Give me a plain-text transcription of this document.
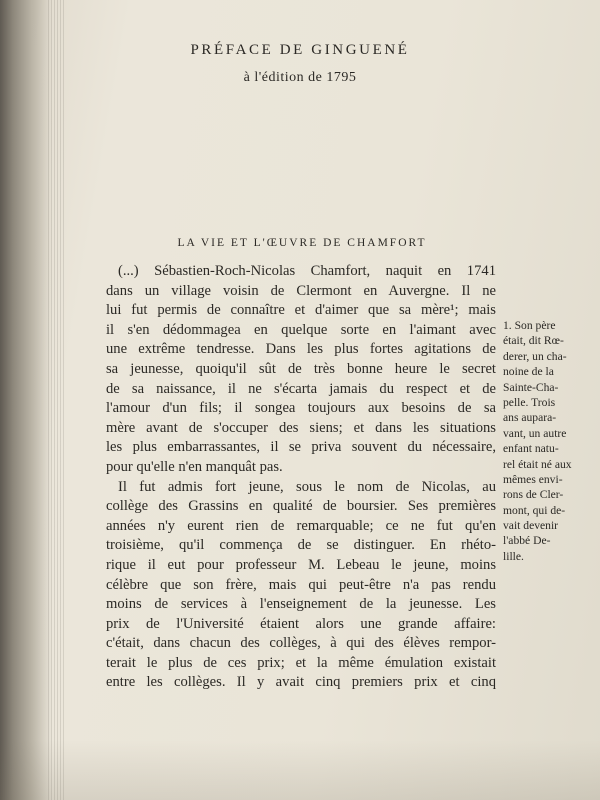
PRÉFACE DE GINGUENÉ
à l'édition de 1795
LA VIE ET L'ŒUVRE DE CHAMFORT
(...) Sébastien-Roch-Nicolas Chamfort, naquit en 1741
dans un village voisin de Clermont en Auvergne. Il ne
lui fut permis de connaître et d'aimer que sa mère¹; mais
il s'en dédommagea en quelque sorte en l'aimant avec
une extrême tendresse. Dans les plus fortes agitations de
sa jeunesse, quoiqu'il sût de très bonne heure le secret
de sa naissance, il ne s'écarta jamais du respect et de
l'amour d'un fils; il songea toujours aux besoins de sa
mère avant de s'occuper des siens; et dans les situations
les plus embarrassantes, il se priva souvent du nécessaire,
pour qu'elle n'en manquât pas.
Il fut admis fort jeune, sous le nom de Nicolas, au
collège des Grassins en qualité de boursier. Ses premières
années n'y eurent rien de remarquable; ce ne fut qu'en
troisième, qu'il commença de se distinguer. En rhéto-
rique il eut pour professeur M. Lebeau le jeune, moins
célèbre que son frère, mais qui peut-être n'a pas rendu
moins de services à l'enseignement de la jeunesse. Les
prix de l'Université étaient alors une grande affaire:
c'était, dans chacun des collèges, à qui des élèves rempor-
terait le plus de ces prix; et la même émulation existait
entre les collèges. Il y avait cinq premiers prix et cinq
1. Son père
était, dit Rœ-
derer, un cha-
noine de la
Sainte-Cha-
pelle. Trois
ans aupara-
vant, un autre
enfant natu-
rel était né aux
mêmes envi-
rons de Cler-
mont, qui de-
vait devenir
l'abbé De-
lille.
